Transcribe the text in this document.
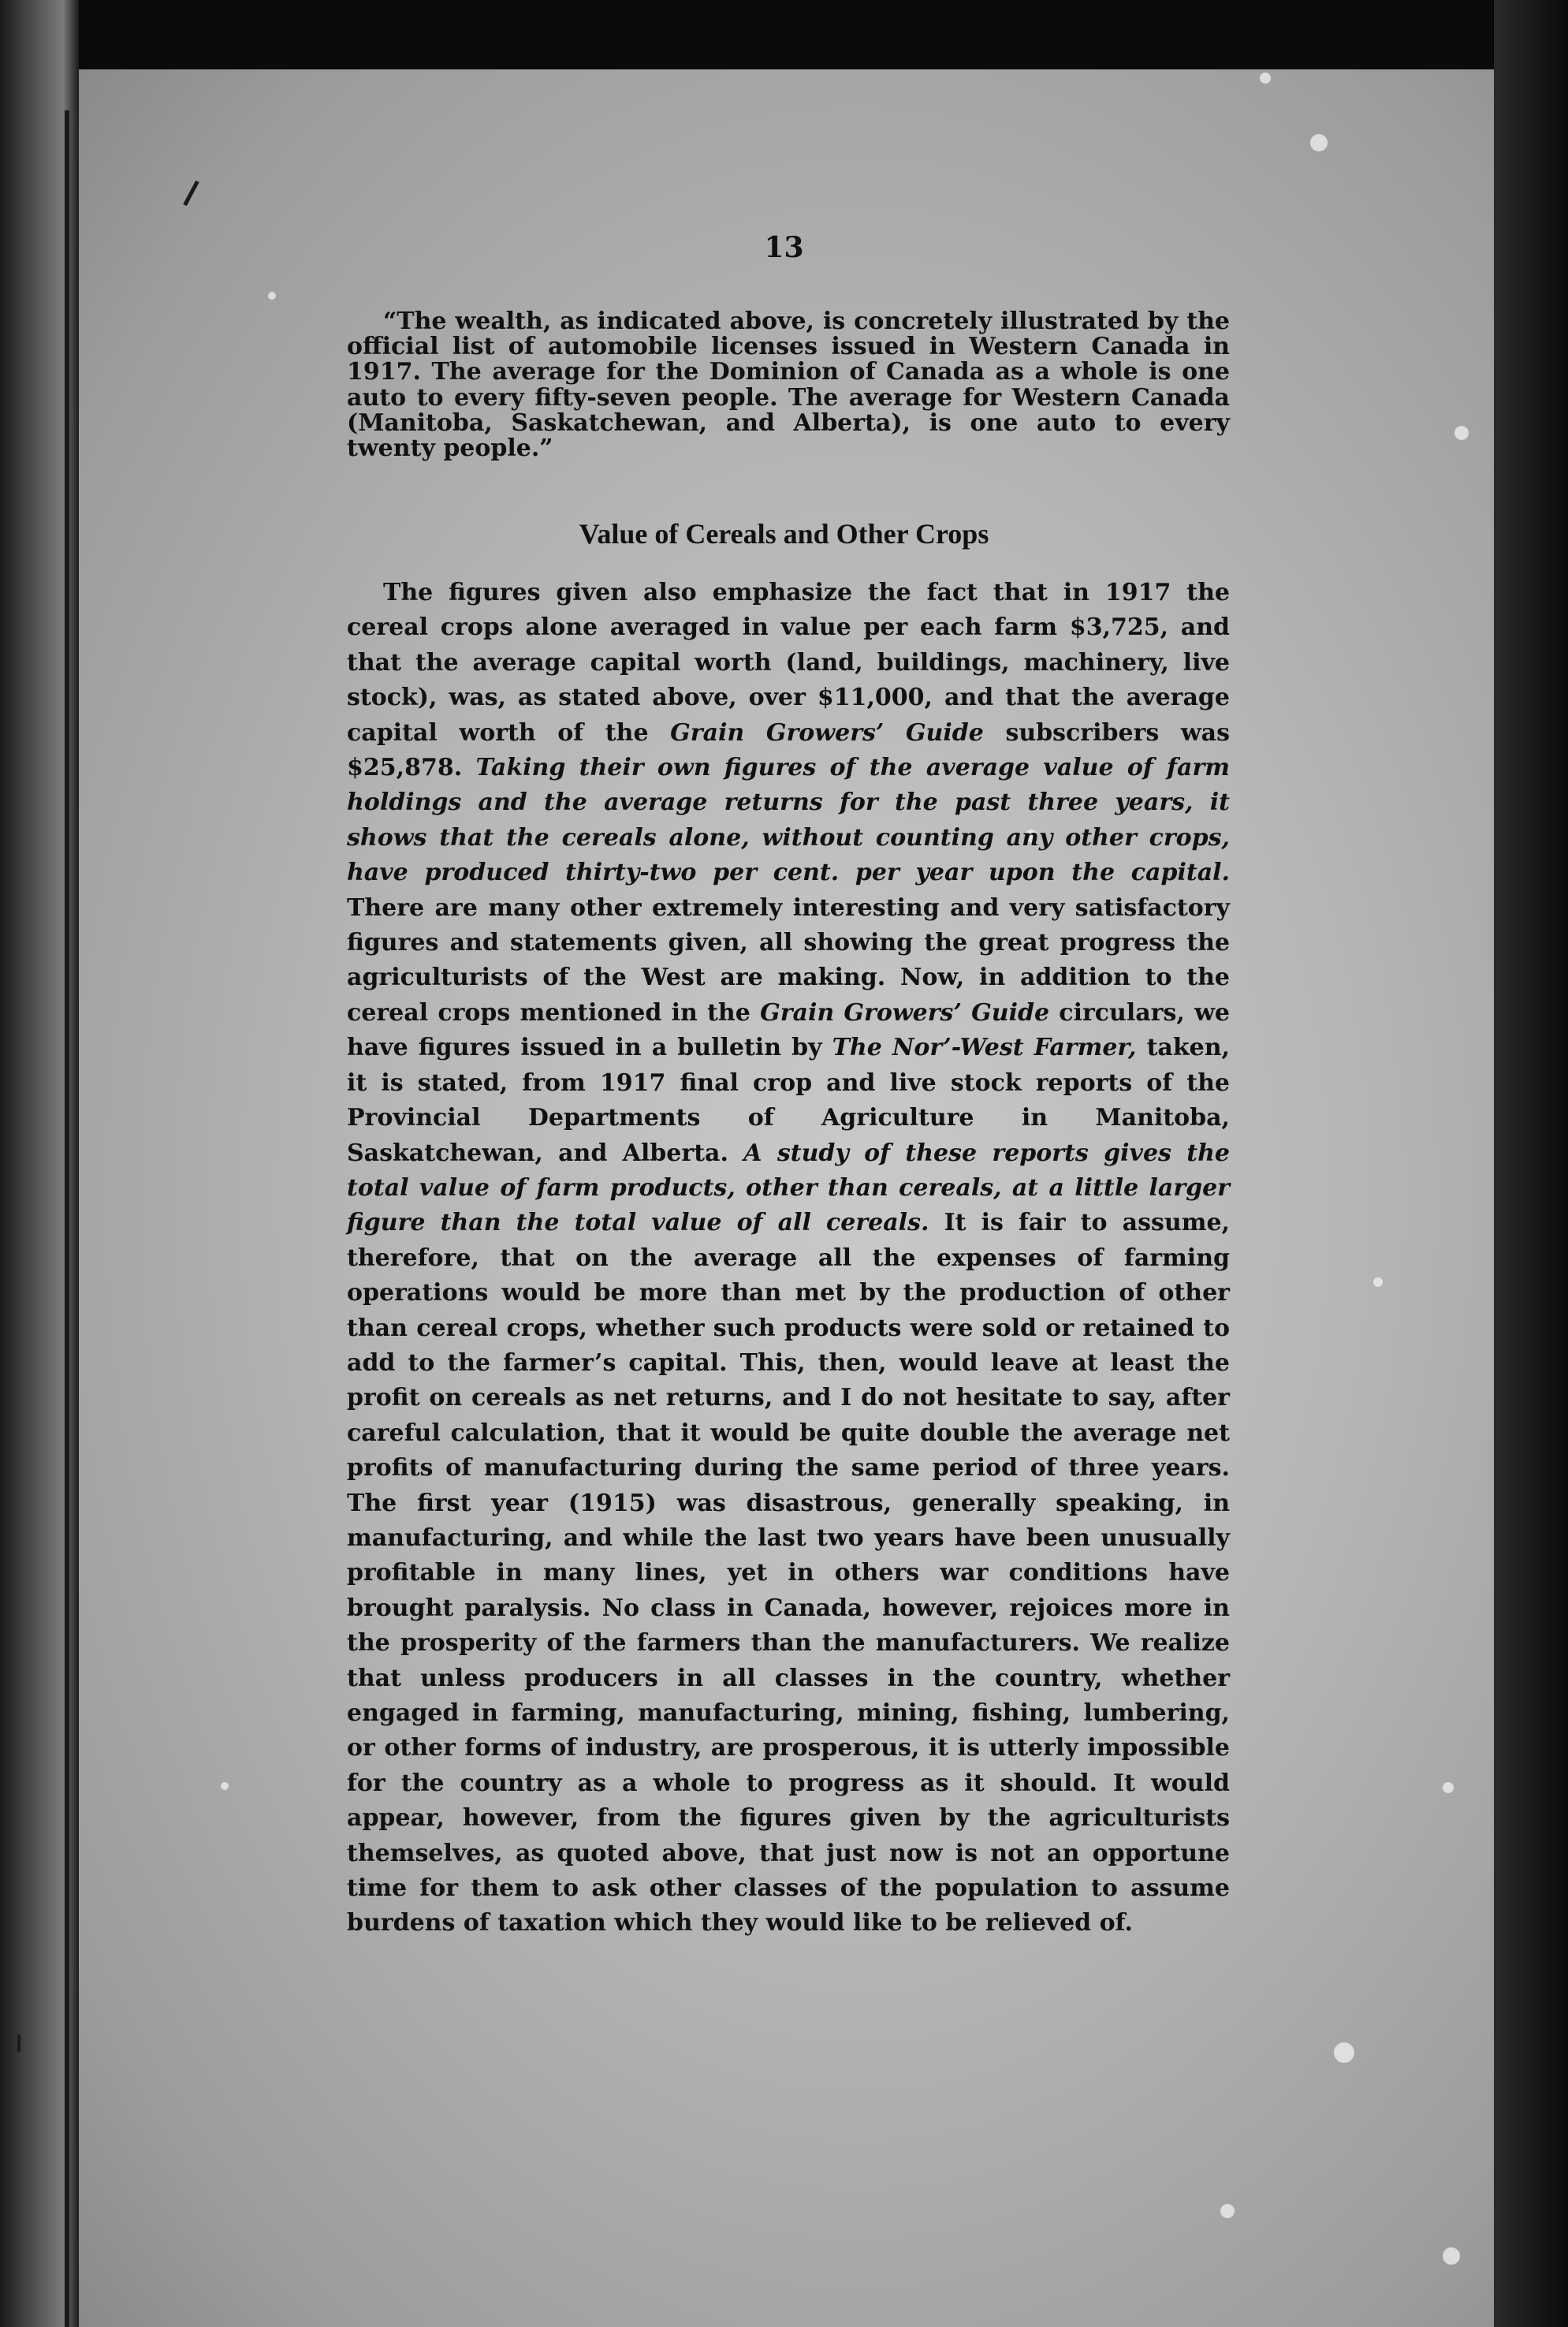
13

“The wealth, as indicated above, is concretely illustrated by the official list of automobile licenses issued in Western Canada in 1917. The average for the Dominion of Canada as a whole is one auto to every fifty-seven people. The average for Western Canada (Manitoba, Saskatchewan, and Alberta), is one auto to every twenty people.”

Value of Cereals and Other Crops

The figures given also emphasize the fact that in 1917 the cereal crops alone averaged in value per each farm $3,725, and that the average capital worth (land, buildings, machinery, live stock), was, as stated above, over $11,000, and that the average capital worth of the Grain Growers’ Guide subscribers was $25,878. Taking their own figures of the average value of farm holdings and the average returns for the past three years, it shows that the cereals alone, without counting any other crops, have produced thirty-two per cent. per year upon the capital. There are many other extremely interesting and very satisfactory figures and statements given, all showing the great progress the agriculturists of the West are making. Now, in addition to the cereal crops mentioned in the Grain Growers’ Guide circulars, we have figures issued in a bulletin by The Nor’-West Farmer, taken, it is stated, from 1917 final crop and live stock reports of the Provincial Departments of Agriculture in Manitoba, Saskatchewan, and Alberta. A study of these reports gives the total value of farm products, other than cereals, at a little larger figure than the total value of all cereals. It is fair to assume, therefore, that on the average all the expenses of farming operations would be more than met by the production of other than cereal crops, whether such products were sold or retained to add to the farmer’s capital. This, then, would leave at least the profit on cereals as net returns, and I do not hesitate to say, after careful calculation, that it would be quite double the average net profits of manufacturing during the same period of three years. The first year (1915) was disastrous, generally speaking, in manufacturing, and while the last two years have been unusually profitable in many lines, yet in others war conditions have brought paralysis. No class in Canada, however, rejoices more in the prosperity of the farmers than the manufacturers. We realize that unless producers in all classes in the country, whether engaged in farming, manufacturing, mining, fishing, lumbering, or other forms of industry, are prosperous, it is utterly impossible for the country as a whole to progress as it should. It would appear, however, from the figures given by the agriculturists themselves, as quoted above, that just now is not an opportune time for them to ask other classes of the population to assume burdens of taxation which they would like to be relieved of.
